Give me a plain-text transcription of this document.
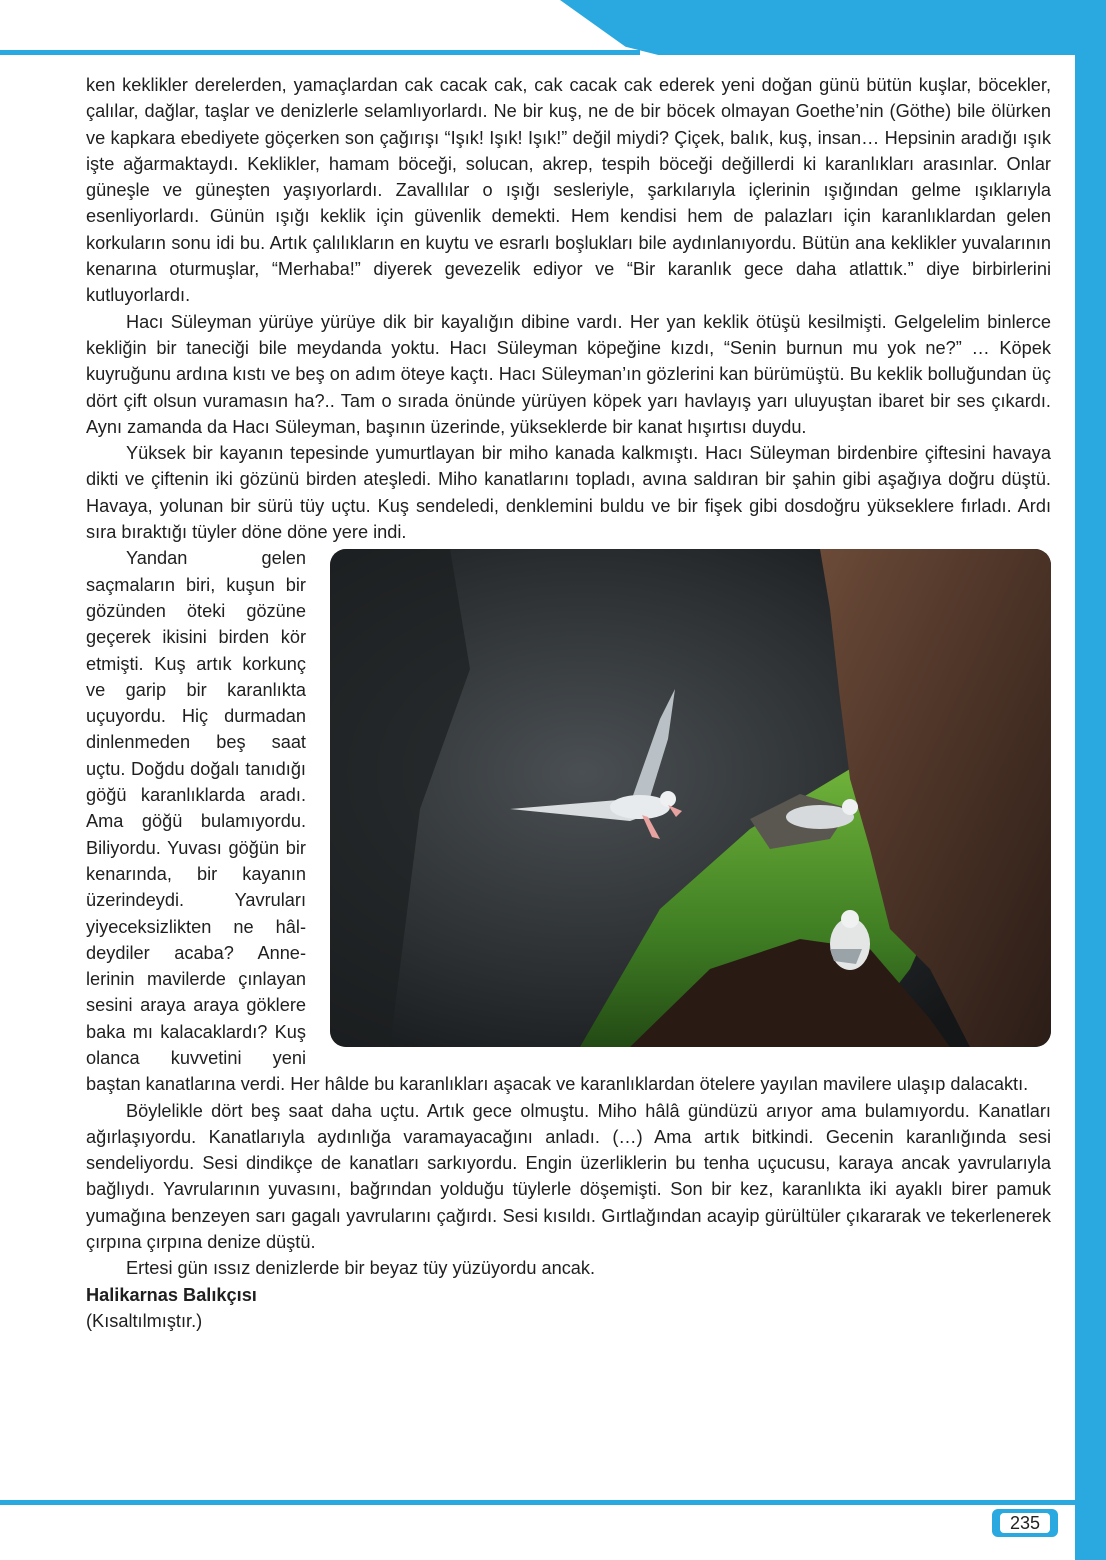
235

ken keklikler derelerden, yamaçlardan cak cacak cak, cak cacak cak ederek yeni doğan günü bütün kuşlar, böcekler, çalılar, dağlar, taşlar ve denizlerle selamlıyorlardı. Ne bir kuş, ne de bir böcek olmayan Goethe’nin (Göthe) bile ölürken ve kapkara ebediyete göçerken son çağırışı “Işık! Işık! Işık!” değil miydi? Çiçek, balık, kuş, insan… Hepsinin aradığı ışık işte ağarmaktaydı. Keklikler, hamam böceği, solucan, akrep, tespih böceği değillerdi ki karanlıkları arasınlar. Onlar güneşle ve güneşten yaşıyorlardı. Zavallılar o ışığı sesleriyle, şarkılarıyla içlerinin ışığından gelme ışıklarıyla esenliyorlardı. Günün ışığı keklik için güvenlik demekti. Hem kendisi hem de palazları için karanlıklardan gelen korkuların sonu idi bu. Artık çalılıkların en kuytu ve esrarlı boşlukları bile aydınlanıyordu. Bütün ana keklikler yuvalarının kenarına oturmuşlar, “Merhaba!” diyerek gevezelik ediyor ve “Bir karanlık gece daha atlattık.” diye birbirlerini kutluyorlardı.

Hacı Süleyman yürüye yürüye dik bir kayalığın dibine vardı. Her yan keklik ötüşü kesilmişti. Gelgelelim binlerce kekliğin bir taneciği bile meydanda yoktu. Hacı Süleyman köpeğine kızdı, “Senin burnun mu yok ne?” … Köpek kuyruğunu ardına kıstı ve beş on adım öteye kaçtı. Hacı Süleyman’ın gözlerini kan bürümüştü. Bu keklik bolluğundan üç dört çift olsun vuramasın ha?.. Tam o sırada önünde yürüyen köpek yarı havlayış yarı uluyuştan ibaret bir ses çıkardı. Aynı zamanda da Hacı Süleyman, başının üzerinde, yükseklerde bir kanat hışırtısı duydu.

Yüksek bir kayanın tepesinde yumurtlayan bir miho kanada kalkmıştı. Hacı Süleyman birdenbire çiftesini havaya dikti ve çiftenin iki gözünü birden ateşledi. Miho kanatlarını topladı, avına saldıran bir şahin gibi aşağıya doğru düştü. Havaya, yolunan bir sürü tüy uçtu. Kuş sendeledi, denklemini buldu ve bir fişek gibi dosdoğru yükseklere fırladı. Ardı sıra bıraktığı tüyler döne döne yere indi.

Yandan gelen saçmaların biri, kuşun bir gözünden öteki gözüne geçerek ikisini birden kör etmişti. Kuş artık korkunç ve garip bir karanlıkta uçuyordu. Hiç durmadan dinlenmeden beş saat uçtu. Doğdu doğalı tanıdığı göğü karanlıklarda aradı. Ama göğü bulamıyordu. Biliyordu. Yuvası göğün bir kenarında, bir kayanın üzerindeydi. Yavruları yiyeceksizlikten ne hâldeydiler acaba? Annelerinin mavilerde çınlayan sesini araya araya göklere baka mı kalacaklardı? Kuş olanca kuvvetini yeni baştan kanatlarına verdi. Her hâlde bu karanlıkları aşacak ve karanlıklardan ötelere yayılan mavilere ulaşıp dalacaktı.

Böylelikle dört beş saat daha uçtu. Artık gece olmuştu. Miho hâlâ gündüzü arıyor ama bulamıyordu. Kanatları ağırlaşıyordu. Kanatlarıyla aydınlığa varamayacağını anladı. (…) Ama artık bitkindi. Gecenin karanlığında sesi sendeliyordu. Sesi dindikçe de kanatları sarkıyordu. Engin üzerliklerin bu tenha uçucusu, karaya ancak yavrularıyla bağlıydı. Yavrularının yuvasını, bağrından yolduğu tüylerle döşemişti. Son bir kez, karanlıkta iki ayaklı birer pamuk yumağına benzeyen sarı gagalı yavrularını çağırdı. Sesi kısıldı. Gırtlağından acayip gürültüler çıkararak ve tekerlenerek çırpına çırpına denize düştü.

Ertesi gün ıssız denizlerde bir beyaz tüy yüzüyordu ancak.

Halikarnas Balıkçısı

(Kısaltılmıştır.)
